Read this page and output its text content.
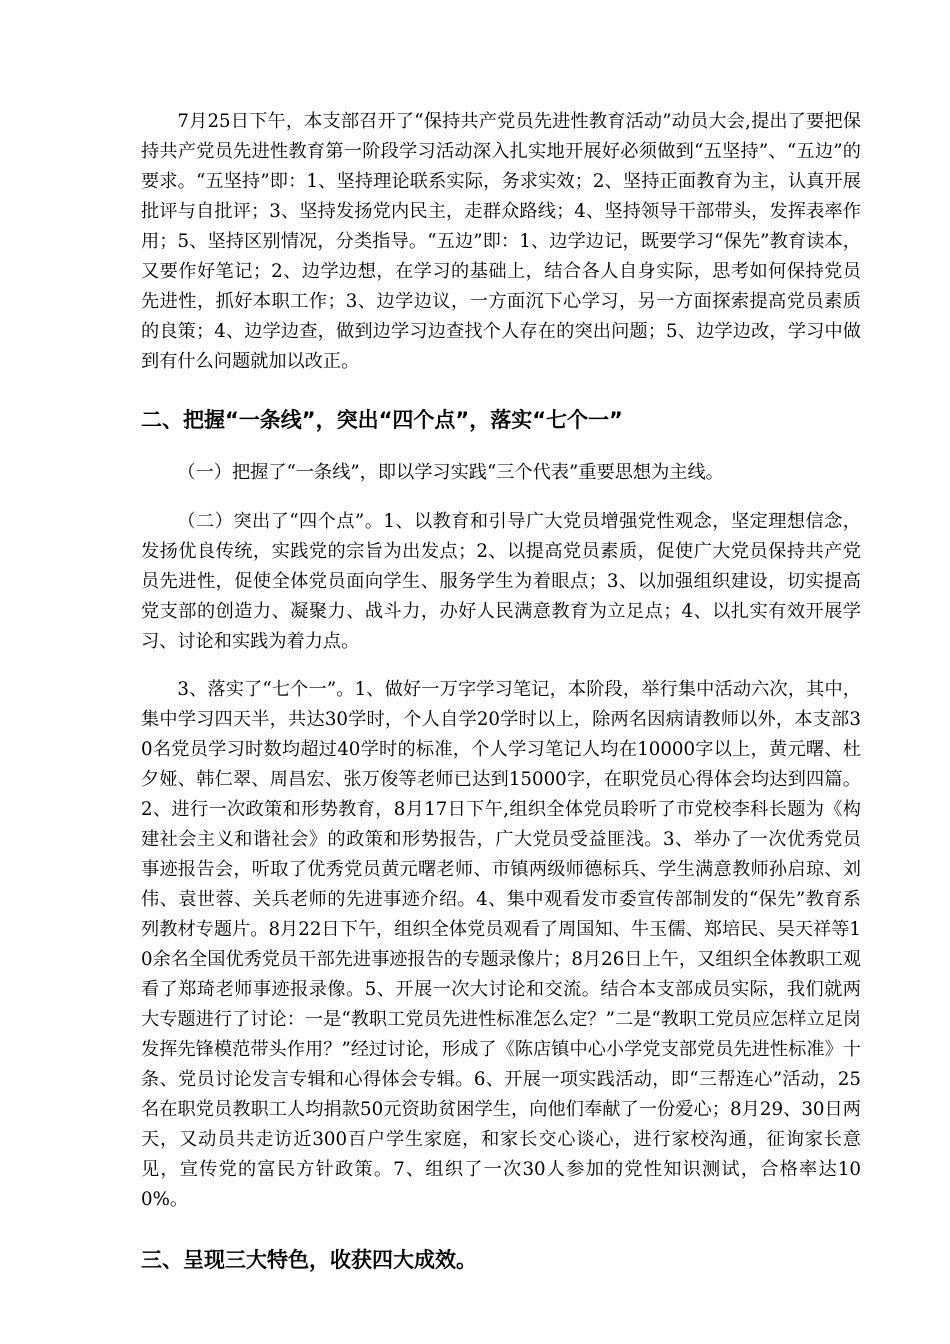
7月25日下午，本支部召开了“保持共产党员先进性教育活动”动员大会,提出了要把保持共产党员先进性教育第一阶段学习活动深入扎实地开展好必须做到“五坚持”、“五边”的要求。“五坚持”即：1、坚持理论联系实际，务求实效；2、坚持正面教育为主，认真开展批评与自批评；3、坚持发扬党内民主，走群众路线；4、坚持领导干部带头，发挥表率作用；5、坚持区别情况，分类指导。“五边”即：1、边学边记，既要学习“保先”教育读本，又要作好笔记；2、边学边想，在学习的基础上，结合各人自身实际，思考如何保持党员先进性，抓好本职工作；3、边学边议，一方面沉下心学习，另一方面探索提高党员素质的良策；4、边学边查，做到边学习边查找个人存在的突出问题；5、边学边改，学习中做到有什么问题就加以改正。

二、把握“一条线”，突出“四个点”，落实“七个一”

（一）把握了“一条线”，即以学习实践“三个代表”重要思想为主线。

（二）突出了“四个点”。1、以教育和引导广大党员增强党性观念，坚定理想信念，发扬优良传统，实践党的宗旨为出发点；2、以提高党员素质，促使广大党员保持共产党员先进性，促使全体党员面向学生、服务学生为着眼点；3、以加强组织建设，切实提高党支部的创造力、凝聚力、战斗力，办好人民满意教育为立足点；4、以扎实有效开展学习、讨论和实践为着力点。

3、落实了“七个一”。1、做好一万字学习笔记，本阶段，举行集中活动六次，其中，集中学习四天半，共达30学时，个人自学20学时以上，除两名因病请教师以外，本支部30名党员学习时数均超过40学时的标准，个人学习笔记人均在10000字以上，黄元曙、杜夕娅、韩仁翠、周昌宏、张万俊等老师已达到15000字，在职党员心得体会均达到四篇。2、进行一次政策和形势教育，8月17日下午,组织全体党员聆听了市党校李科长题为《构建社会主义和谐社会》的政策和形势报告，广大党员受益匪浅。3、举办了一次优秀党员事迹报告会，听取了优秀党员黄元曙老师、市镇两级师德标兵、学生满意教师孙启琼、刘伟、袁世蓉、关兵老师的先进事迹介绍。4、集中观看发市委宣传部制发的“保先”教育系列教材专题片。8月22日下午，组织全体党员观看了周国知、牛玉儒、郑培民、吴天祥等10余名全国优秀党员干部先进事迹报告的专题录像片；8月26日上午，又组织全体教职工观看了郑琦老师事迹报录像。5、开展一次大讨论和交流。结合本支部成员实际，我们就两大专题进行了讨论：一是“教职工党员先进性标准怎么定？”二是“教职工党员应怎样立足岗发挥先锋模范带头作用？”经过讨论，形成了《陈店镇中心小学党支部党员先进性标准》十条、党员讨论发言专辑和心得体会专辑。6、开展一项实践活动，即“三帮连心”活动，25名在职党员教职工人均捐款50元资助贫困学生，向他们奉献了一份爱心；8月29、30日两天，又动员共走访近300百户学生家庭，和家长交心谈心，进行家校沟通，征询家长意见，宣传党的富民方针政策。7、组织了一次30人参加的党性知识测试，合格率达100%。

三、呈现三大特色，收获四大成效。
